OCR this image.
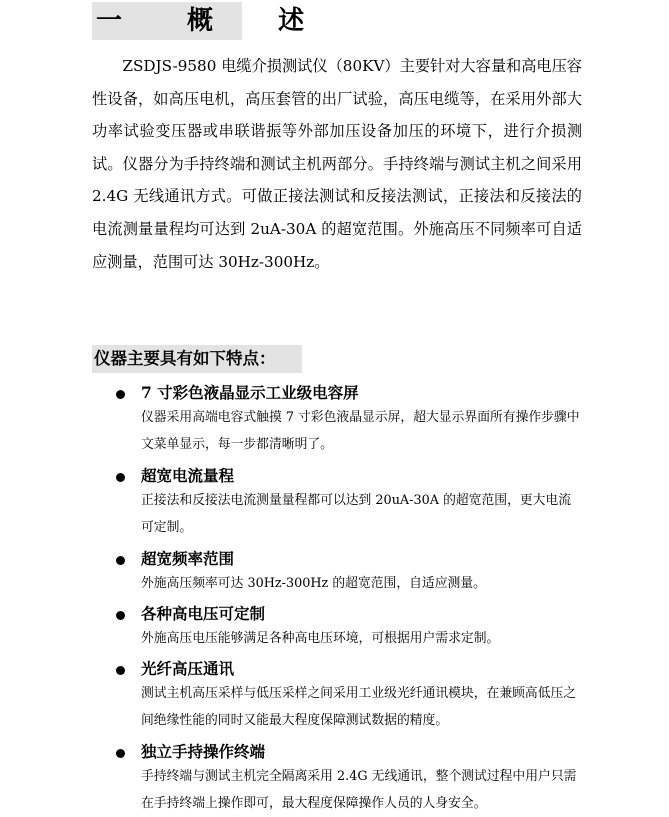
一 概 述

ZSDJS-9580 电缆介损测试仪（80KV）主要针对大容量和高电压容性设备，如高压电机，高压套管的出厂试验，高压电缆等，在采用外部大功率试验变压器或串联谐振等外部加压设备加压的环境下，进行介损测试。仪器分为手持终端和测试主机两部分。手持终端与测试主机之间采用 2.4G 无线通讯方式。可做正接法测试和反接法测试，正接法和反接法的电流测量量程均可达到 2uA-30A 的超宽范围。外施高压不同频率可自适应测量，范围可达 30Hz-300Hz。

仪器主要具有如下特点：
7 寸彩色液晶显示工业级电容屏
仪器采用高端电容式触摸 7 寸彩色液晶显示屏，超大显示界面所有操作步骤中文菜单显示，每一步都清晰明了。
超宽电流量程
正接法和反接法电流测量量程都可以达到 20uA-30A 的超宽范围，更大电流可定制。
超宽频率范围
外施高压频率可达 30Hz-300Hz 的超宽范围，自适应测量。
各种高电压可定制
外施高压电压能够满足各种高电压环境，可根据用户需求定制。
光纤高压通讯
测试主机高压采样与低压采样之间采用工业级光纤通讯模块，在兼顾高低压之间绝缘性能的同时又能最大程度保障测试数据的精度。
独立手持操作终端
手持终端与测试主机完全隔离采用 2.4G 无线通讯，整个测试过程中用户只需在手持终端上操作即可，最大程度保障操作人员的人身安全。
